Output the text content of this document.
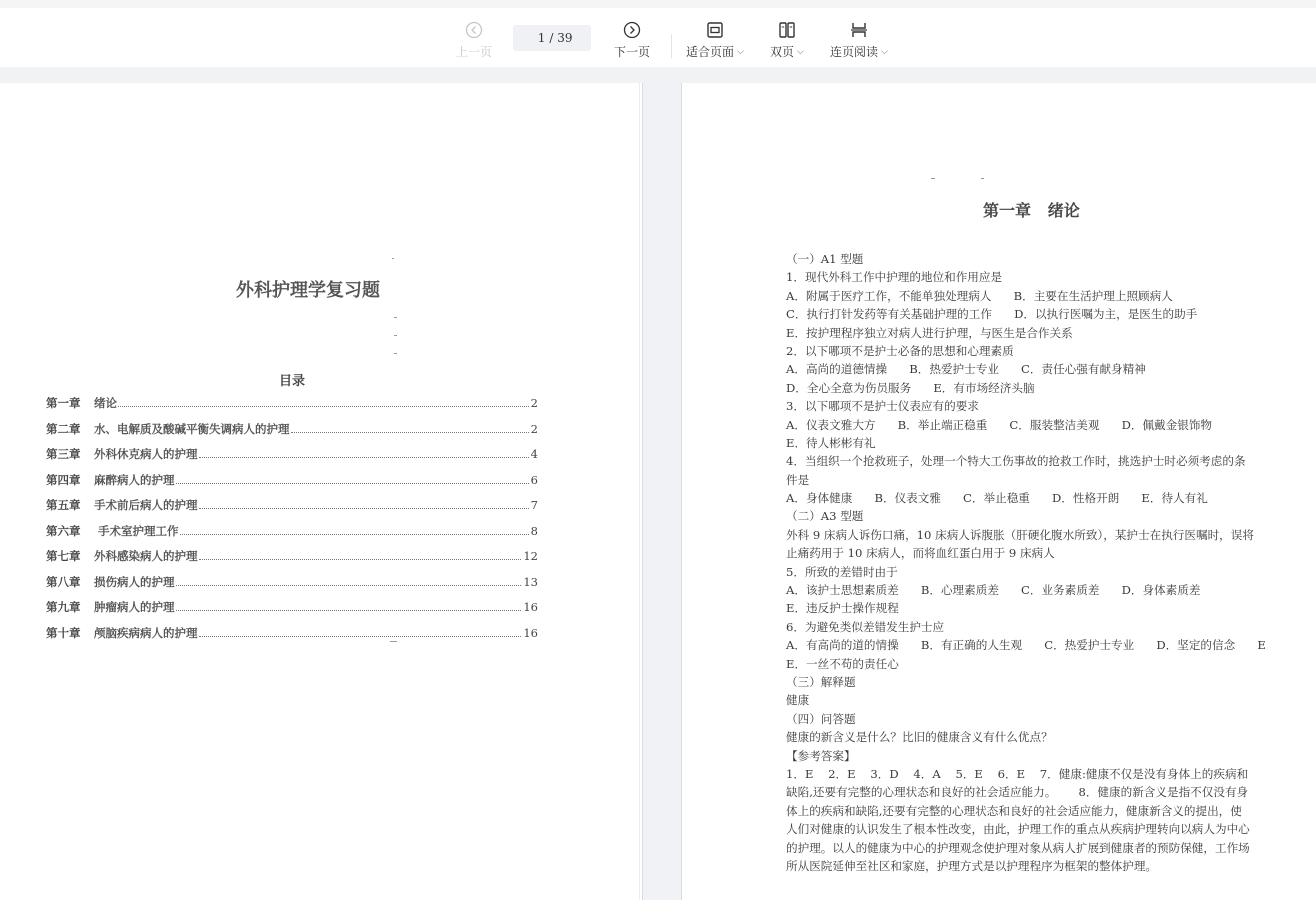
上一页
1
/ 39
下一页	适合页面 ⌵ 双页 ⌵ 连页阅读 ⌵
外科护理学复习题
目录
第一章	绪论	2
第二章	水、电解质及酸碱平衡失调病人的护理	2
第三章	外科休克病人的护理	4
第四章	麻醉病人的护理	6
第五章	手术前后病人的护理	7
第六章	手术室护理工作	8
第七章	外科感染病人的护理	12
第八章	损伤病人的护理	13
第九章	肿瘤病人的护理	16
第十章	颅脑疾病病人的护理	16
第一章   绪论
（一）A1 型题
1．现代外科工作中护理的地位和作用应是
A．附属于医疗工作，不能单独处理病人      B．主要在生活护理上照顾病人
C．执行打针发药等有关基础护理的工作      D．以执行医嘱为主，是医生的助手
E．按护理程序独立对病人进行护理，与医生是合作关系
2．以下哪项不是护士必备的思想和心理素质
A．高尚的道德情操      B．热爱护士专业      C．责任心强有献身精神
D．全心全意为伤员服务      E．有市场经济头脑
3．以下哪项不是护士仪表应有的要求
A．仪表文雅大方      B．举止端正稳重      C．服装整洁美观      D．佩戴金银饰物
E．待人彬彬有礼
4．当组织一个抢救班子，处理一个特大工伤事故的抢救工作时，挑选护士时必须考虑的条
件是
A．身体健康      B．仪表文雅      C．举止稳重      D．性格开朗      E．待人有礼
（二）A3 型题
外科 9 床病人诉伤口痛，10 床病人诉腹胀（肝硬化腹水所致），某护士在执行医嘱时，误将
止痛药用于 10 床病人，而将血红蛋白用于 9 床病人
5．所致的差错时由于
A．该护士思想素质差      B．心理素质差      C．业务素质差      D．身体素质差
E．违反护士操作规程
6．为避免类似差错发生护士应
A．有高尚的道的情操      B．有正确的人生观      C．热爱护士专业      D．坚定的信念      E
E．一丝不苟的责任心
（三）解释题
健康
（四）问答题
健康的新含义是什么？比旧的健康含义有什么优点？
【参考答案】
1．E    2．E    3．D    4．A    5．E    6．E    7．健康:健康不仅是没有身体上的疾病和
缺陷,还要有完整的心理状态和良好的社会适应能力。      8．健康的新含义是指不仅没有身
体上的疾病和缺陷,还要有完整的心理状态和良好的社会适应能力，健康新含义的提出，使
人们对健康的认识发生了根本性改变，由此，护理工作的重点从疾病护理转向以病人为中心
的护理。以人的健康为中心的护理观念使护理对象从病人扩展到健康者的预防保健，工作场
所从医院延伸至社区和家庭，护理方式是以护理程序为框架的整体护理。
